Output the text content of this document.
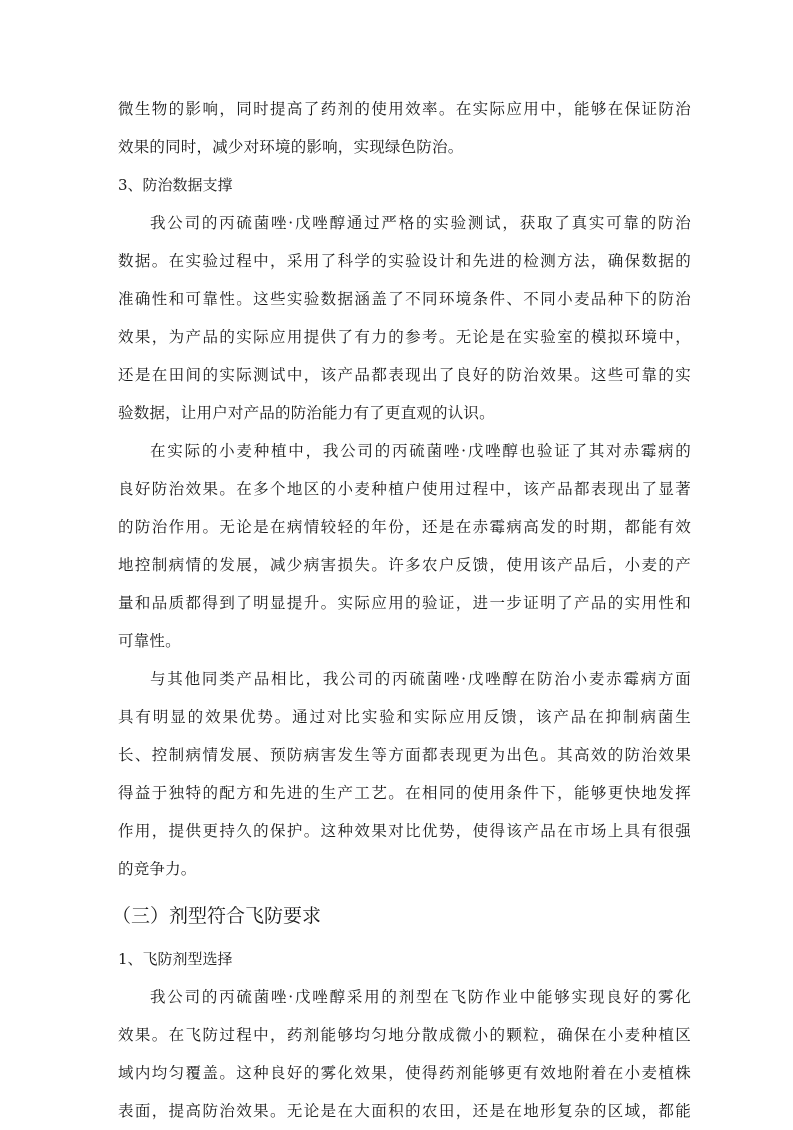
微生物的影响，同时提高了药剂的使用效率。在实际应用中，能够在保证防治
效果的同时，减少对环境的影响，实现绿色防治。
3、防治数据支撑
我公司的丙硫菌唑·戊唑醇通过严格的实验测试，获取了真实可靠的防治
数据。在实验过程中，采用了科学的实验设计和先进的检测方法，确保数据的
准确性和可靠性。这些实验数据涵盖了不同环境条件、不同小麦品种下的防治
效果，为产品的实际应用提供了有力的参考。无论是在实验室的模拟环境中，
还是在田间的实际测试中，该产品都表现出了良好的防治效果。这些可靠的实
验数据，让用户对产品的防治能力有了更直观的认识。
在实际的小麦种植中，我公司的丙硫菌唑·戊唑醇也验证了其对赤霉病的
良好防治效果。在多个地区的小麦种植户使用过程中，该产品都表现出了显著
的防治作用。无论是在病情较轻的年份，还是在赤霉病高发的时期，都能有效
地控制病情的发展，减少病害损失。许多农户反馈，使用该产品后，小麦的产
量和品质都得到了明显提升。实际应用的验证，进一步证明了产品的实用性和
可靠性。
与其他同类产品相比，我公司的丙硫菌唑·戊唑醇在防治小麦赤霉病方面
具有明显的效果优势。通过对比实验和实际应用反馈，该产品在抑制病菌生
长、控制病情发展、预防病害发生等方面都表现更为出色。其高效的防治效果
得益于独特的配方和先进的生产工艺。在相同的使用条件下，能够更快地发挥
作用，提供更持久的保护。这种效果对比优势，使得该产品在市场上具有很强
的竞争力。
（三）剂型符合飞防要求
1、飞防剂型选择
我公司的丙硫菌唑·戊唑醇采用的剂型在飞防作业中能够实现良好的雾化
效果。在飞防过程中，药剂能够均匀地分散成微小的颗粒，确保在小麦种植区
域内均匀覆盖。这种良好的雾化效果，使得药剂能够更有效地附着在小麦植株
表面，提高防治效果。无论是在大面积的农田，还是在地形复杂的区域，都能
